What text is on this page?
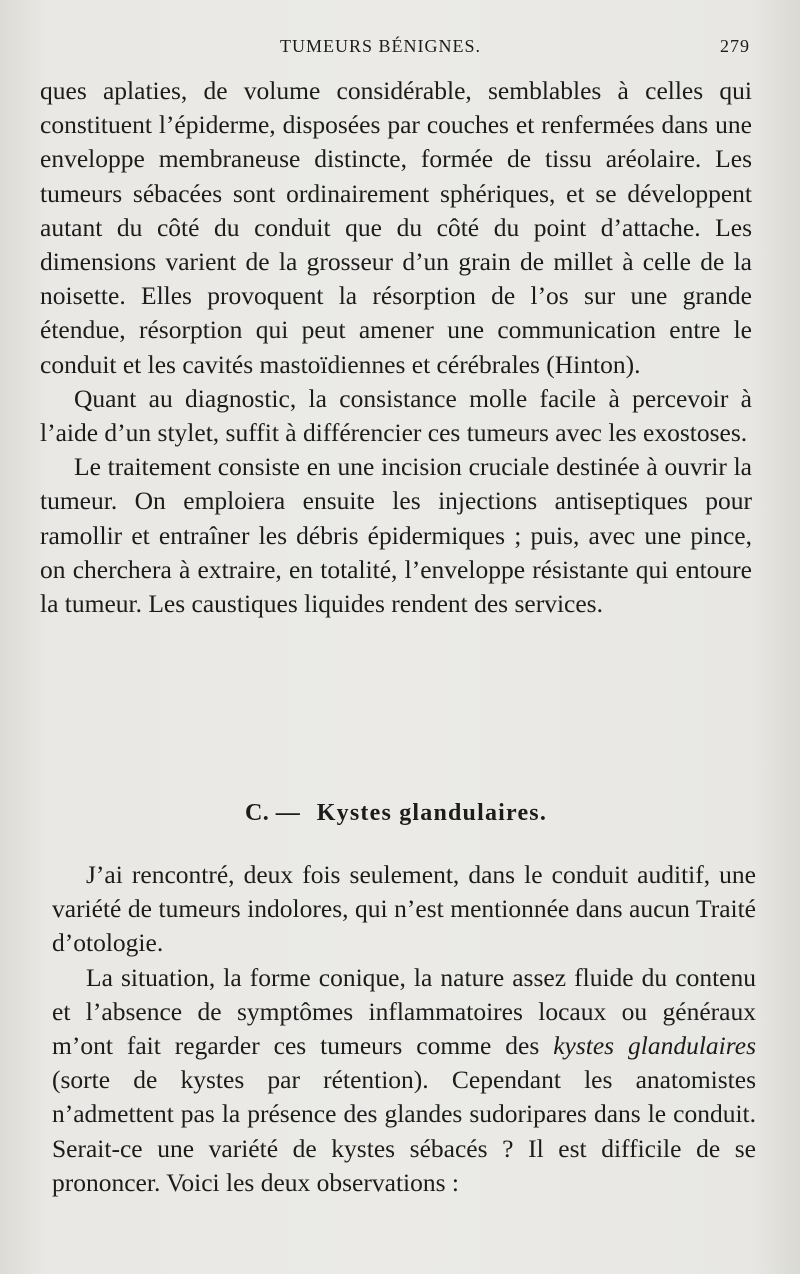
TUMEURS BÉNIGNES.	279

ques aplaties, de volume considérable, semblables à celles qui constituent l’épiderme, disposées par couches et renfermées dans une enveloppe membraneuse distincte, formée de tissu aréolaire. Les tumeurs sébacées sont ordinairement sphériques, et se développent autant du côté du conduit que du côté du point d’attache. Les dimensions varient de la grosseur d’un grain de millet à celle de la noisette. Elles provoquent la résorption de l’os sur une grande étendue, résorption qui peut amener une communication entre le conduit et les cavités mastoïdiennes et cérébrales (Hinton).

Quant au diagnostic, la consistance molle facile à percevoir à l’aide d’un stylet, suffit à différencier ces tumeurs avec les exostoses.

Le traitement consiste en une incision cruciale destinée à ouvrir la tumeur. On emploiera ensuite les injections antiseptiques pour ramollir et entraîner les débris épidermiques ; puis, avec une pince, on cherchera à extraire, en totalité, l’enveloppe résistante qui entoure la tumeur. Les caustiques liquides rendent des services.

C. — Kystes glandulaires.

J’ai rencontré, deux fois seulement, dans le conduit auditif, une variété de tumeurs indolores, qui n’est mentionnée dans aucun Traité d’otologie.

La situation, la forme conique, la nature assez fluide du contenu et l’absence de symptômes inflammatoires locaux ou généraux m’ont fait regarder ces tumeurs comme des kystes glandulaires (sorte de kystes par rétention). Cependant les anatomistes n’admettent pas la présence des glandes sudoripares dans le conduit. Serait-ce une variété de kystes sébacés ? Il est difficile de se prononcer. Voici les deux observations :
